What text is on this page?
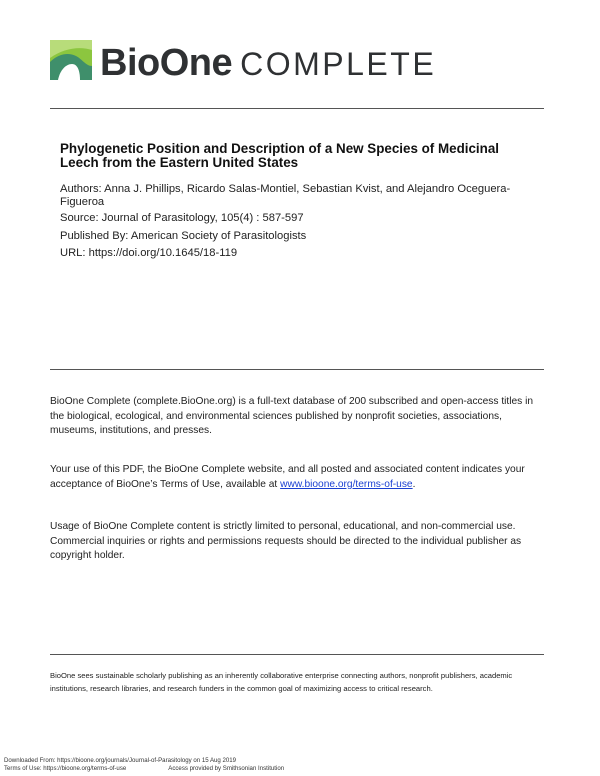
BioOne COMPLETE
Phylogenetic Position and Description of a New Species of Medicinal Leech from the Eastern United States
Authors: Anna J. Phillips, Ricardo Salas-Montiel, Sebastian Kvist, and Alejandro Oceguera-Figueroa
Source: Journal of Parasitology, 105(4) : 587-597
Published By: American Society of Parasitologists
URL: https://doi.org/10.1645/18-119
BioOne Complete (complete.BioOne.org) is a full-text database of 200 subscribed and open-access titles in the biological, ecological, and environmental sciences published by nonprofit societies, associations, museums, institutions, and presses.
Your use of this PDF, the BioOne Complete website, and all posted and associated content indicates your acceptance of BioOne’s Terms of Use, available at www.bioone.org/terms-of-use.
Usage of BioOne Complete content is strictly limited to personal, educational, and non-commercial use. Commercial inquiries or rights and permissions requests should be directed to the individual publisher as copyright holder.
BioOne sees sustainable scholarly publishing as an inherently collaborative enterprise connecting authors, nonprofit publishers, academic institutions, research libraries, and research funders in the common goal of maximizing access to critical research.
Downloaded From: https://bioone.org/journals/Journal-of-Parasitology on 15 Aug 2019
Terms of Use: https://bioone.org/terms-of-use	Access provided by Smithsonian Institution
